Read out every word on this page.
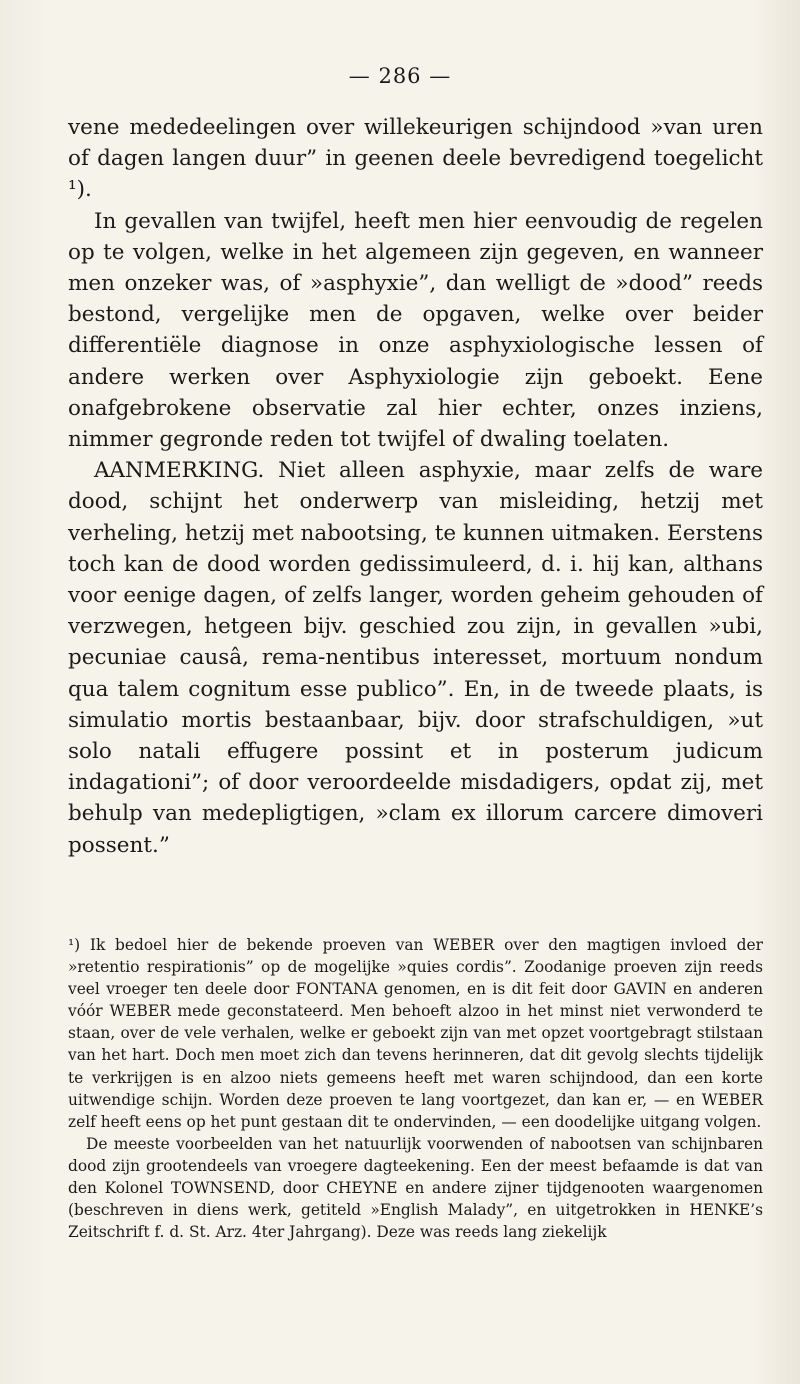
— 286 —

vene mededeelingen over willekeurigen schijndood »van uren of dagen langen duur” in geenen deele bevredigend toegelicht ¹).

In gevallen van twijfel, heeft men hier eenvoudig de regelen op te volgen, welke in het algemeen zijn gegeven, en wanneer men onzeker was, of »asphyxie”, dan welligt de »dood” reeds bestond, vergelijke men de opgaven, welke over beider differentiële diagnose in onze asphyxiologische lessen of andere werken over Asphyxiologie zijn geboekt. Eene onafgebrokene observatie zal hier echter, onzes inziens, nimmer gegronde reden tot twijfel of dwaling toelaten.

AANMERKING. Niet alleen asphyxie, maar zelfs de ware dood, schijnt het onderwerp van misleiding, hetzij met verheling, hetzij met nabootsing, te kunnen uitmaken. Eerstens toch kan de dood worden gedissimuleerd, d. i. hij kan, althans voor eenige dagen, of zelfs langer, worden geheim gehouden of verzwegen, hetgeen bijv. geschied zou zijn, in gevallen »ubi, pecuniae causâ, rema-nentibus interesset, mortuum nondum qua talem cognitum esse publico”. En, in de tweede plaats, is simulatio mortis bestaanbaar, bijv. door strafschuldigen, »ut solo natali effugere possint et in posterum judicum indagationi”; of door veroordeelde misdadigers, opdat zij, met behulp van medepligtigen, »clam ex illorum carcere dimoveri possent.”

¹) Ik bedoel hier de bekende proeven van WEBER over den magtigen invloed der »retentio respirationis” op de mogelijke »quies cordis”. Zoodanige proeven zijn reeds veel vroeger ten deele door FONTANA genomen, en is dit feit door GAVIN en anderen vóór WEBER mede geconstateerd. Men behoeft alzoo in het minst niet verwonderd te staan, over de vele verhalen, welke er geboekt zijn van met opzet voortgebragt stilstaan van het hart. Doch men moet zich dan tevens herinneren, dat dit gevolg slechts tijdelijk te verkrijgen is en alzoo niets gemeens heeft met waren schijndood, dan een korte uitwendige schijn. Worden deze proeven te lang voortgezet, dan kan er, — en WEBER zelf heeft eens op het punt gestaan dit te ondervinden, — een doodelijke uitgang volgen.

De meeste voorbeelden van het natuurlijk voorwenden of nabootsen van schijnbaren dood zijn grootendeels van vroegere dagteekening. Een der meest befaamde is dat van den Kolonel TOWNSEND, door CHEYNE en andere zijner tijdgenooten waargenomen (beschreven in diens werk, getiteld »English Malady”, en uitgetrokken in HENKE’s Zeitschrift f. d. St. Arz. 4ter Jahrgang). Deze was reeds lang ziekelijk
